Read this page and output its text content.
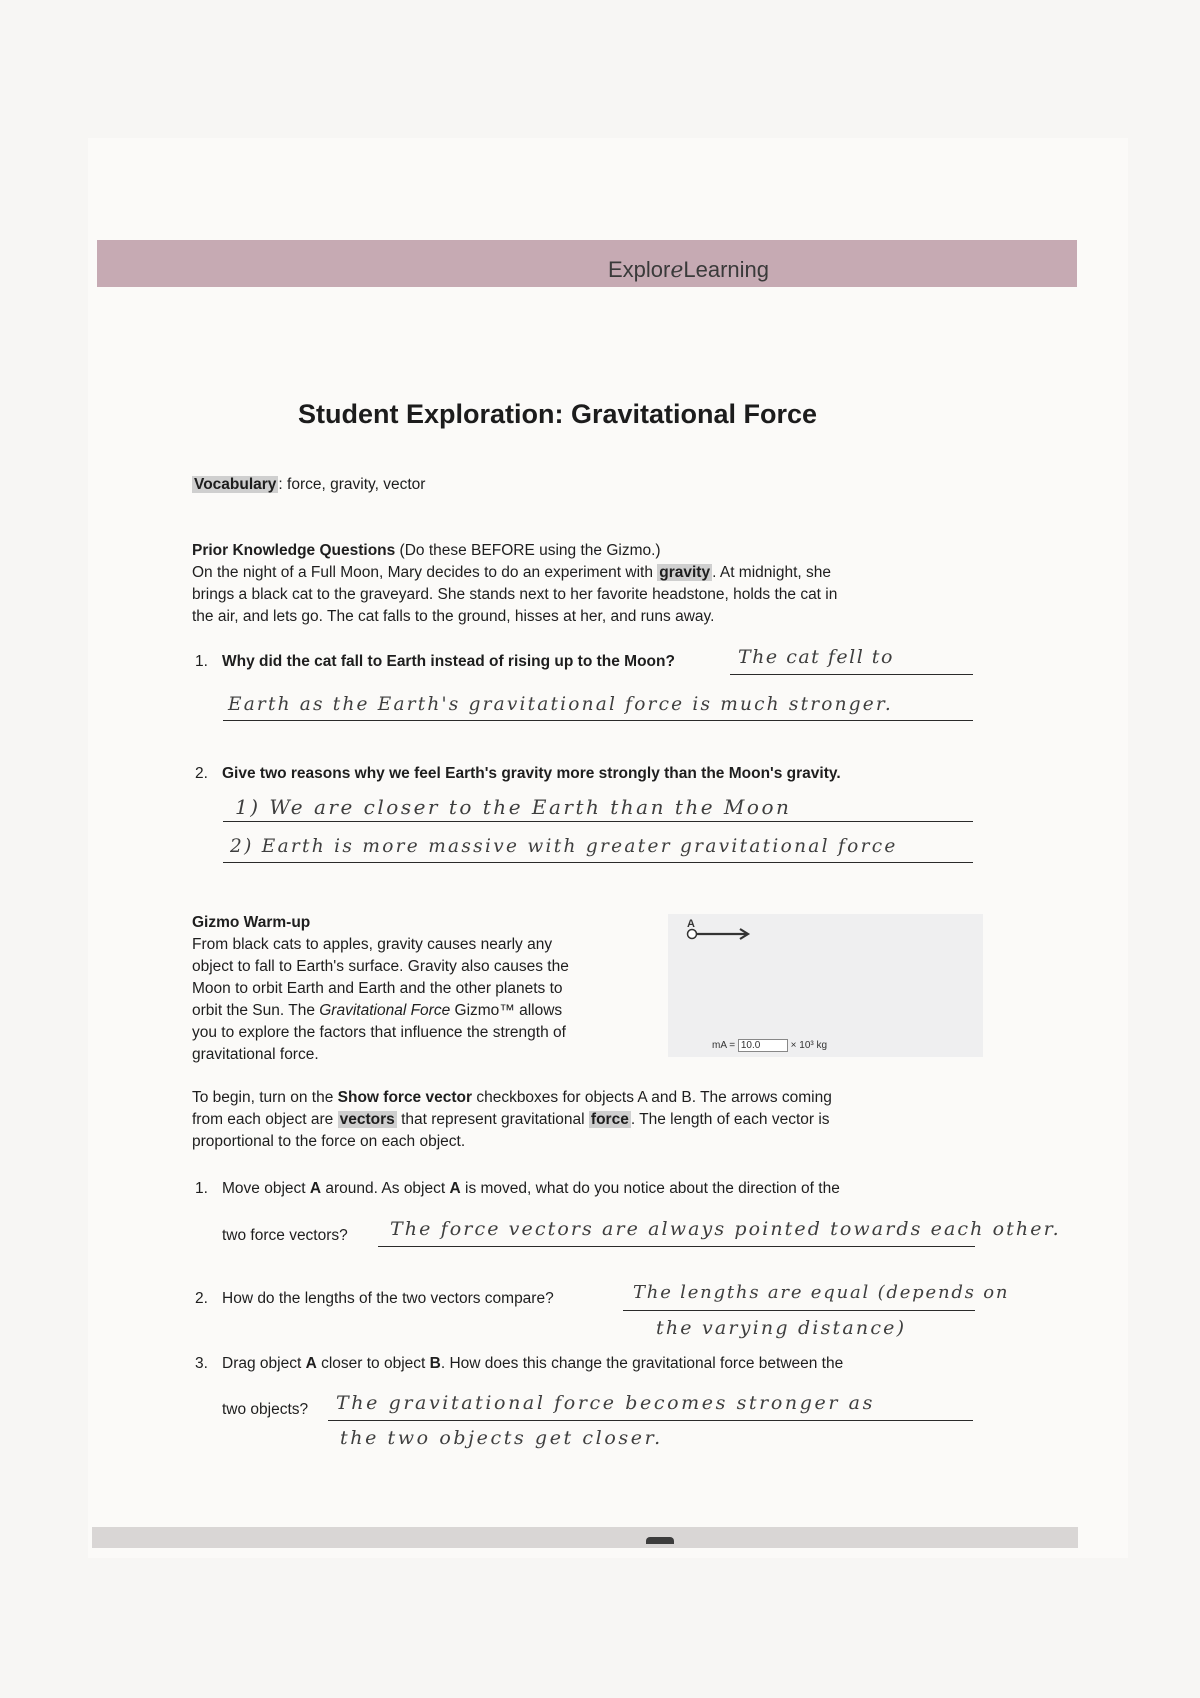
ExploreLearning
Student Exploration: Gravitational Force
Vocabulary : force, gravity, vector
Prior Knowledge Questions (Do these BEFORE using the Gizmo.)
On the night of a Full Moon, Mary decides to do an experiment with gravity . At midnight, she
brings a black cat to the graveyard. She stands next to her favorite headstone, holds the cat in
the air, and lets go. The cat falls to the ground, hisses at her, and runs away.
1. Why did the cat fall to Earth instead of rising up to the Moon?	The cat fell to
Earth as the Earth's gravitational force is much stronger.
2. Give two reasons why we feel Earth's gravity more strongly than the Moon's gravity.
1) We are closer to the Earth than the Moon
2) Earth is more massive with greater gravitational force
Gizmo Warm-up
From black cats to apples, gravity causes nearly any
object to fall to Earth's surface. Gravity also causes the
Moon to orbit Earth and Earth and the other planets to
orbit the Sun. The Gravitational Force Gizmo™ allows
you to explore the factors that influence the strength of
gravitational force.
A
mA = 10.0	× 10³ kg
To begin, turn on the Show force vector checkboxes for objects A and B. The arrows coming
from each object are vectors that represent gravitational force . The length of each vector is
proportional to the force on each object.
1. Move object A around. As object A is moved, what do you notice about the direction of the
two force vectors? The force vectors are always pointed towards each other.
2. How do the lengths of the two vectors compare?	The lengths are equal (depends on
the varying distance)
3. Drag object A closer to object B. How does this change the gravitational force between the
two objects? The gravitational force becomes stronger as
the two objects get closer.
